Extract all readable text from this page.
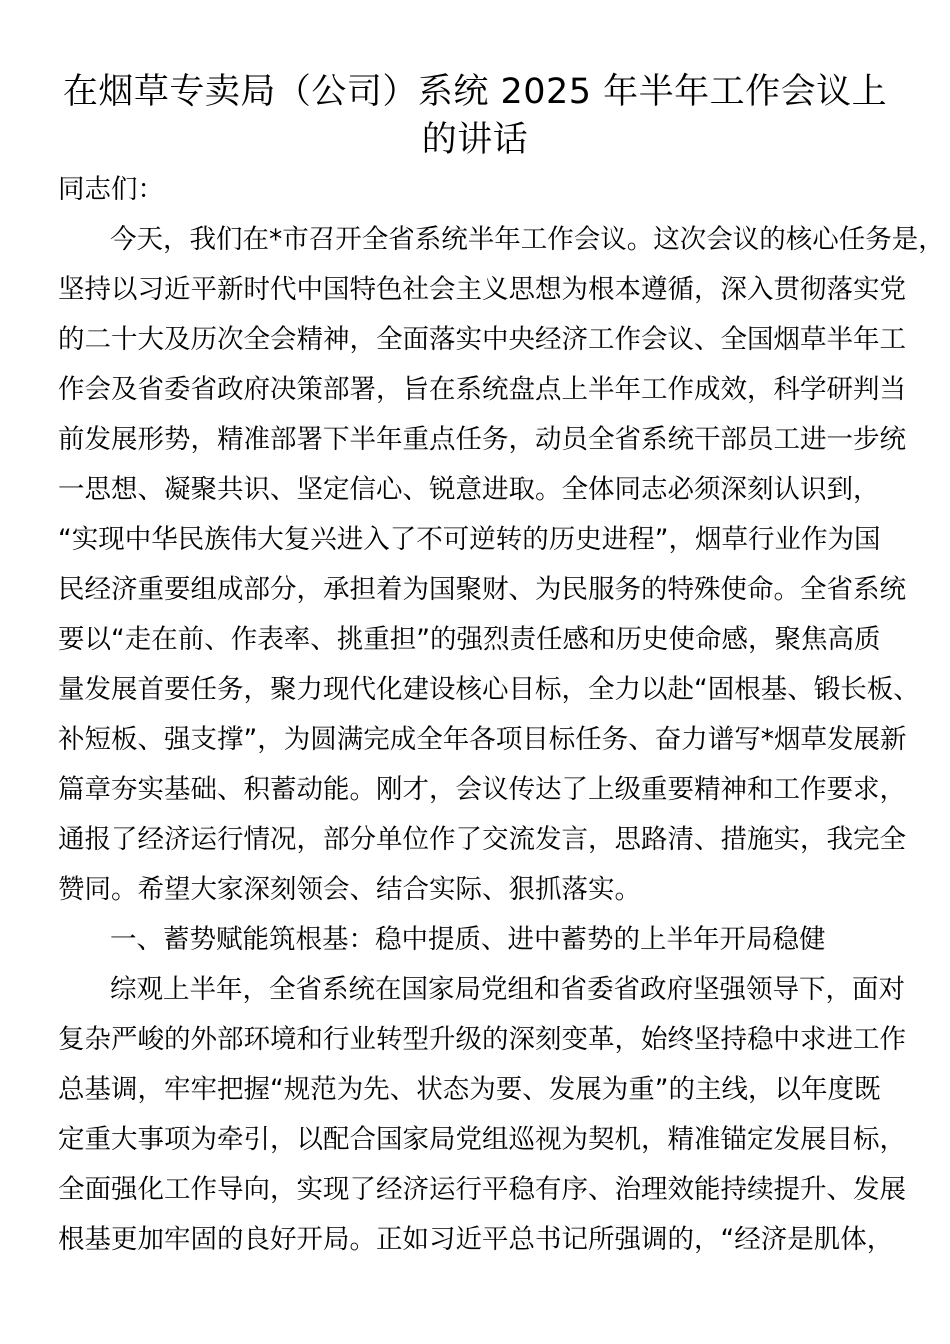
在烟草专卖局（公司）系统 2025 年半年工作会议上
的讲话
同志们：
今天，我们在*市召开全省系统半年工作会议。这次会议的核心任务是，
坚持以习近平新时代中国特色社会主义思想为根本遵循，深入贯彻落实党
的二十大及历次全会精神，全面落实中央经济工作会议、全国烟草半年工
作会及省委省政府决策部署，旨在系统盘点上半年工作成效，科学研判当
前发展形势，精准部署下半年重点任务，动员全省系统干部员工进一步统
一思想、凝聚共识、坚定信心、锐意进取。全体同志必须深刻认识到，
“实现中华民族伟大复兴进入了不可逆转的历史进程”，烟草行业作为国
民经济重要组成部分，承担着为国聚财、为民服务的特殊使命。全省系统
要以“走在前、作表率、挑重担”的强烈责任感和历史使命感，聚焦高质
量发展首要任务，聚力现代化建设核心目标，全力以赴“固根基、锻长板、
补短板、强支撑”，为圆满完成全年各项目标任务、奋力谱写*烟草发展新
篇章夯实基础、积蓄动能。刚才，会议传达了上级重要精神和工作要求，
通报了经济运行情况，部分单位作了交流发言，思路清、措施实，我完全
赞同。希望大家深刻领会、结合实际、狠抓落实。
一、蓄势赋能筑根基：稳中提质、进中蓄势的上半年开局稳健
综观上半年，全省系统在国家局党组和省委省政府坚强领导下，面对
复杂严峻的外部环境和行业转型升级的深刻变革，始终坚持稳中求进工作
总基调，牢牢把握“规范为先、状态为要、发展为重”的主线，以年度既
定重大事项为牵引，以配合国家局党组巡视为契机，精准锚定发展目标，
全面强化工作导向，实现了经济运行平稳有序、治理效能持续提升、发展
根基更加牢固的良好开局。正如习近平总书记所强调的，“经济是肌体，
